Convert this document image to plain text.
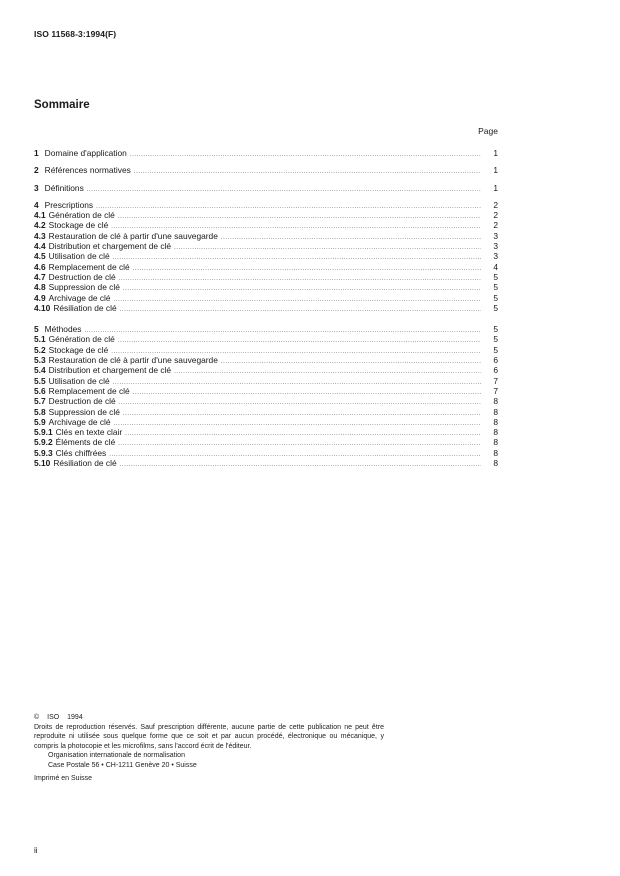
ISO 11568-3:1994(F)
Sommaire
Page
1 Domaine d'application .....	1
2 Références normatives .....	1
3 Définitions .....	1
4 Prescriptions .....	2
4.1 Génération de clé .....	2
4.2 Stockage de clé .....	2
4.3 Restauration de clé à partir d'une sauvegarde .....	3
4.4 Distribution et chargement de clé .....	3
4.5 Utilisation de clé .....	3
4.6 Remplacement de clé .....	4
4.7 Destruction de clé .....	5
4.8 Suppression de clé .....	5
4.9 Archivage de clé .....	5
4.10 Résiliation de clé .....	5
5 Méthodes .....	5
5.1 Génération de clé .....	5
5.2 Stockage de clé .....	5
5.3 Restauration de clé à partir d'une sauvegarde .....	6
5.4 Distribution et chargement de clé .....	6
5.5 Utilisation de clé .....	7
5.6 Remplacement de clé .....	7
5.7 Destruction de clé .....	8
5.8 Suppression de clé .....	8
5.9 Archivage de clé .....	8
5.9.1 Clés en texte clair .....	8
5.9.2 Éléments de clé .....	8
5.9.3 Clés chiffrées .....	8
5.10 Résiliation de clé .....	8
© ISO 1994
Droits de reproduction réservés. Sauf prescription différente, aucune partie de cette publication ne peut être reproduite ni utilisée sous quelque forme que ce soit et par aucun procédé, électronique ou mécanique, y compris la photocopie et les microfilms, sans l'accord écrit de l'éditeur.
Organisation internationale de normalisation
Case Postale 56 • CH-1211 Genève 20 • Suisse
Imprimé en Suisse
ii
